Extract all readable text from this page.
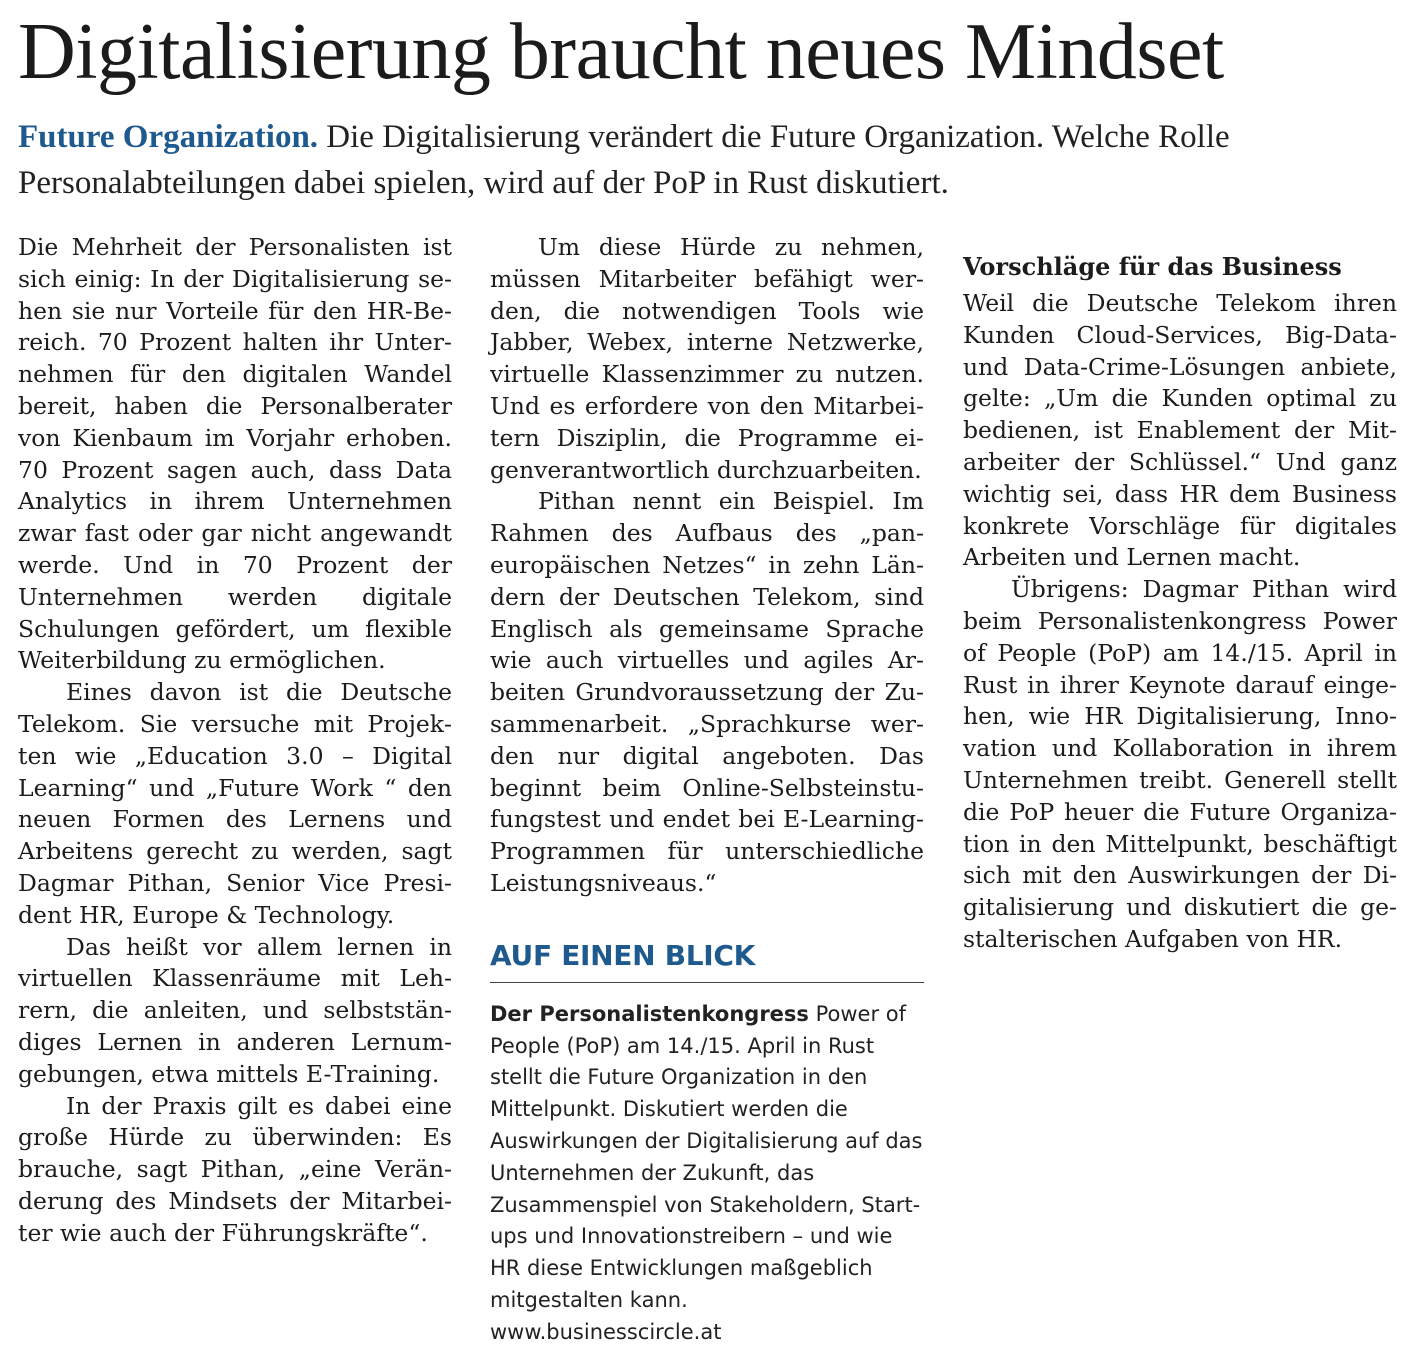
Digitalisierung braucht neues Mindset
Future Organization. Die Digitalisierung verändert die Future Organization. Welche Rolle Personalabteilungen dabei spielen, wird auf der PoP in Rust diskutiert.

Die Mehrheit der Personalisten ist sich einig: In der Digitalisierung sehen sie nur Vorteile für den HR-Bereich. 70 Prozent halten ihr Unternehmen für den digitalen Wandel bereit, haben die Personalberater von Kienbaum im Vorjahr erhoben. 70 Prozent sagen auch, dass Data Analytics in ihrem Unternehmen zwar fast oder gar nicht angewandt werde. Und in 70 Prozent der Unternehmen werden digitale Schulungen gefördert, um flexible Weiterbildung zu ermöglichen.

Eines davon ist die Deutsche Telekom. Sie versuche mit Projekten wie „Education 3.0 – Digital Learning“ und „Future Work “ den neuen Formen des Lernens und Arbeitens gerecht zu werden, sagt Dagmar Pithan, Senior Vice President HR, Europe & Technology.

Das heißt vor allem lernen in virtuellen Klassenräume mit Lehrern, die anleiten, und selbstständiges Lernen in anderen Lernumgebungen, etwa mittels E-Training.

In der Praxis gilt es dabei eine große Hürde zu überwinden: Es brauche, sagt Pithan, „eine Veränderung des Mindsets der Mitarbeiter wie auch der Führungskräfte“.

Um diese Hürde zu nehmen, müssen Mitarbeiter befähigt werden, die notwendigen Tools wie Jabber, Webex, interne Netzwerke, virtuelle Klassenzimmer zu nutzen. Und es erfordere von den Mitarbeitern Disziplin, die Programme eigenverantwortlich durchzuarbeiten.

Pithan nennt ein Beispiel. Im Rahmen des Aufbaus des „paneuropäischen Netzes“ in zehn Ländern der Deutschen Telekom, sind Englisch als gemeinsame Sprache wie auch virtuelles und agiles Arbeiten Grundvoraussetzung der Zusammenarbeit. „Sprachkurse werden nur digital angeboten. Das beginnt beim Online-Selbsteinstufungstest und endet bei E-Learning-Programmen für unterschiedliche Leistungsniveaus.“

AUF EINEN BLICK
Der Personalistenkongress Power of People (PoP) am 14./15. April in Rust stellt die Future Organization in den Mittelpunkt. Diskutiert werden die Auswirkungen der Digitalisierung auf das Unternehmen der Zukunft, das Zusammenspiel von Stakeholdern, Start-ups und Innovationstreibern – und wie HR diese Entwicklungen maßgeblich mitgestalten kann.
www.businesscircle.at
Vorschläge für das Business

Weil die Deutsche Telekom ihren Kunden Cloud-Services, Big-Data- und Data-Crime-Lösungen anbiete, gelte: „Um die Kunden optimal zu bedienen, ist Enablement der Mitarbeiter der Schlüssel.“ Und ganz wichtig sei, dass HR dem Business konkrete Vorschläge für digitales Arbeiten und Lernen macht.

Übrigens: Dagmar Pithan wird beim Personalistenkongress Power of People (PoP) am 14./15. April in Rust in ihrer Keynote darauf eingehen, wie HR Digitalisierung, Innovation und Kollaboration in ihrem Unternehmen treibt. Generell stellt die PoP heuer die Future Organization in den Mittelpunkt, beschäftigt sich mit den Auswirkungen der Digitalisierung und diskutiert die gestalterischen Aufgaben von HR.
